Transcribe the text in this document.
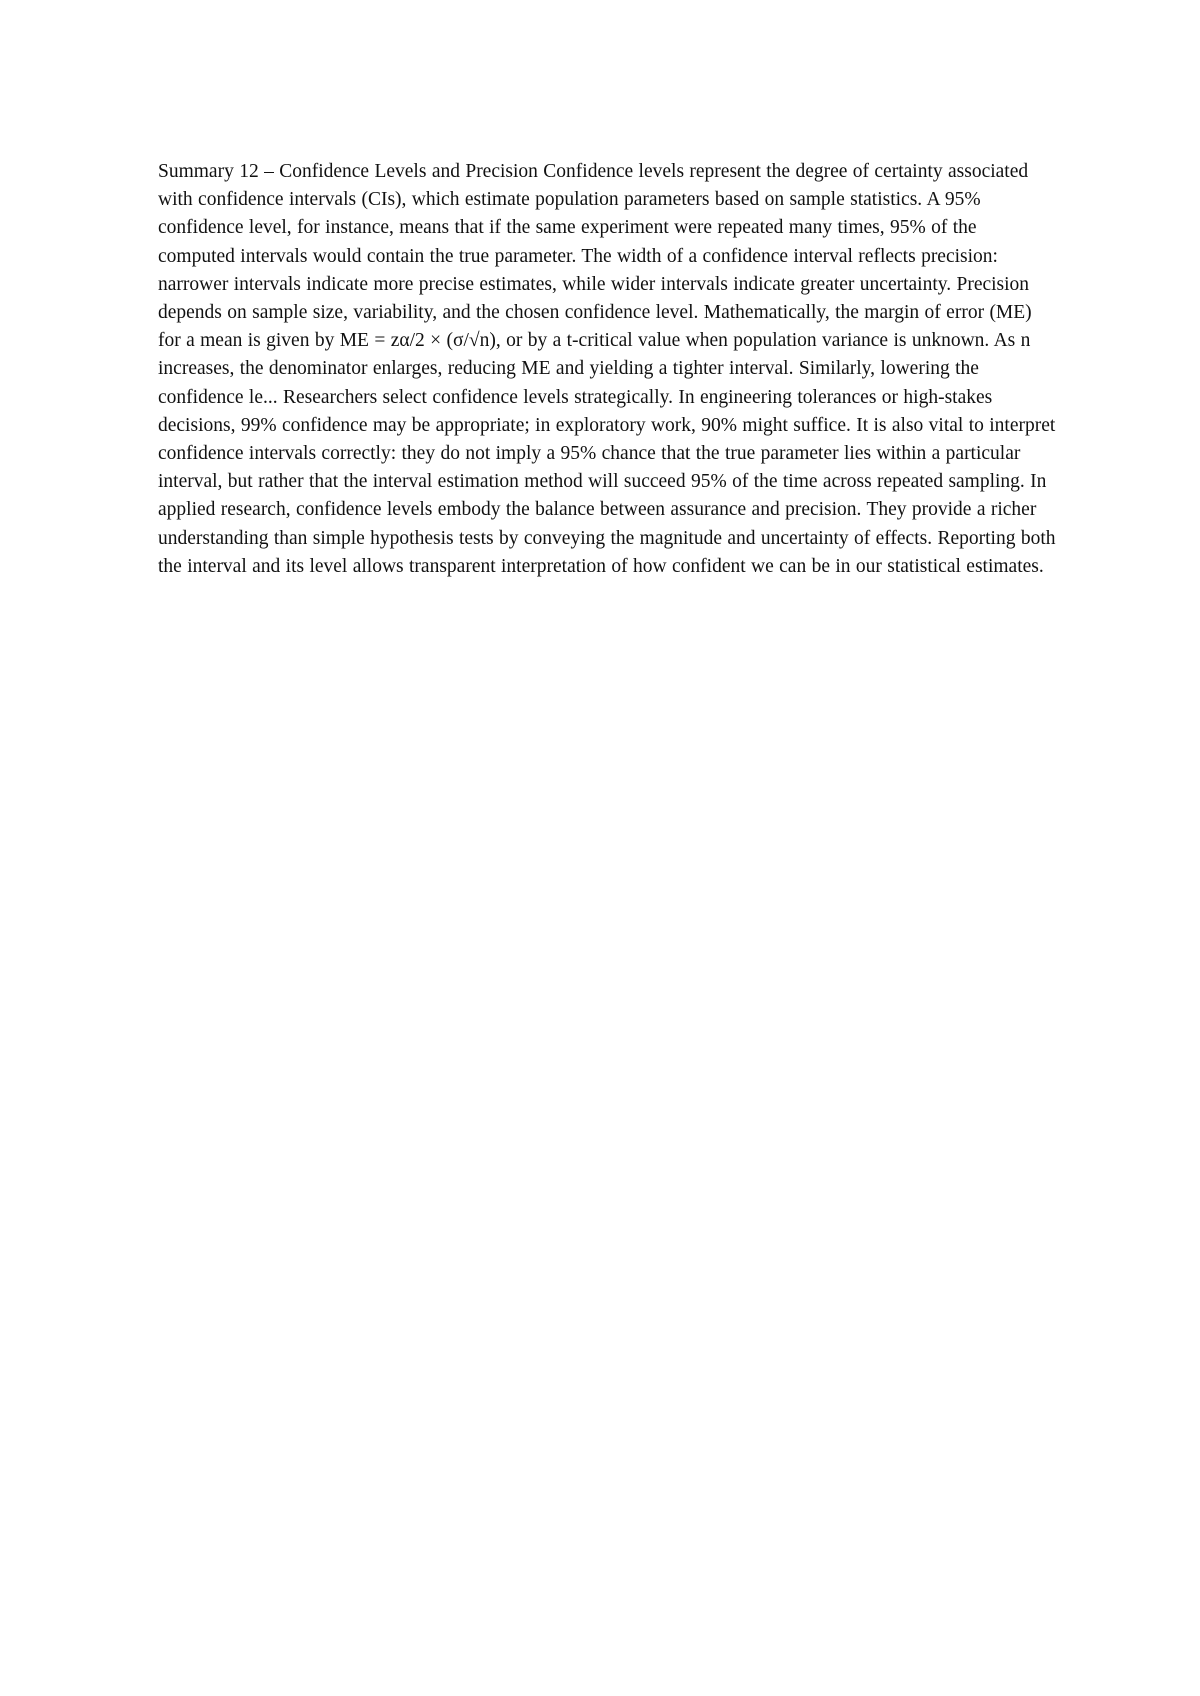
Summary 12 – Confidence Levels and Precision Confidence levels represent the degree of certainty associated with confidence intervals (CIs), which estimate population parameters based on sample statistics. A 95% confidence level, for instance, means that if the same experiment were repeated many times, 95% of the computed intervals would contain the true parameter. The width of a confidence interval reflects precision: narrower intervals indicate more precise estimates, while wider intervals indicate greater uncertainty. Precision depends on sample size, variability, and the chosen confidence level. Mathematically, the margin of error (ME) for a mean is given by ME = zα/2 × (σ/√n), or by a t-critical value when population variance is unknown. As n increases, the denominator enlarges, reducing ME and yielding a tighter interval. Similarly, lowering the confidence le... Researchers select confidence levels strategically. In engineering tolerances or high-stakes decisions, 99% confidence may be appropriate; in exploratory work, 90% might suffice. It is also vital to interpret confidence intervals correctly: they do not imply a 95% chance that the true parameter lies within a particular interval, but rather that the interval estimation method will succeed 95% of the time across repeated sampling. In applied research, confidence levels embody the balance between assurance and precision. They provide a richer understanding than simple hypothesis tests by conveying the magnitude and uncertainty of effects. Reporting both the interval and its level allows transparent interpretation of how confident we can be in our statistical estimates.
